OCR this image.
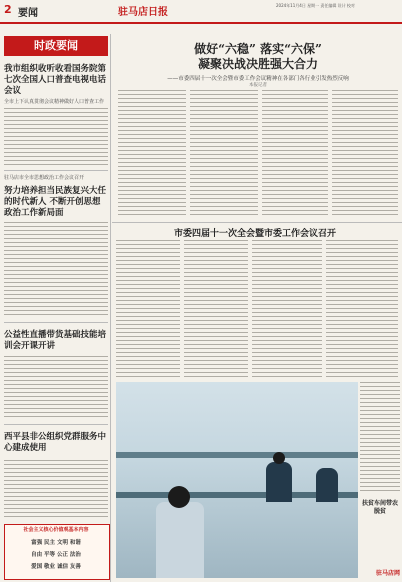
2 要闻	驻马店日报
2024年11月4日 星期一 责任编辑 设计 校对
时政要闻	做好“六稳” 落实“六保”
凝聚决战决胜强大合力
——市委四届十一次全会暨市委工作会议精神在各部门各行业引发热烈反响
本报记者
我市组织收听收看国务院第七次全国人口普查电视电话会议
全市上下认真贯彻会议精神做好人口普查工作
驻马店市全市思想政治工作会议召开
努力培养担当民族复兴大任的时代新人 不断开创思想政治工作新局面
公益性直播带货基础技能培训会开课开讲
西平县非公组织党群服务中心建成使用
市委四届十一次全会暨市委工作会议召开
扶贫车间带农脱贫
社会主义核心价值观基本内容
富强 民主 文明 和谐
自由 平等 公正 法治
爱国 敬业 诚信 友善
驻马店网
